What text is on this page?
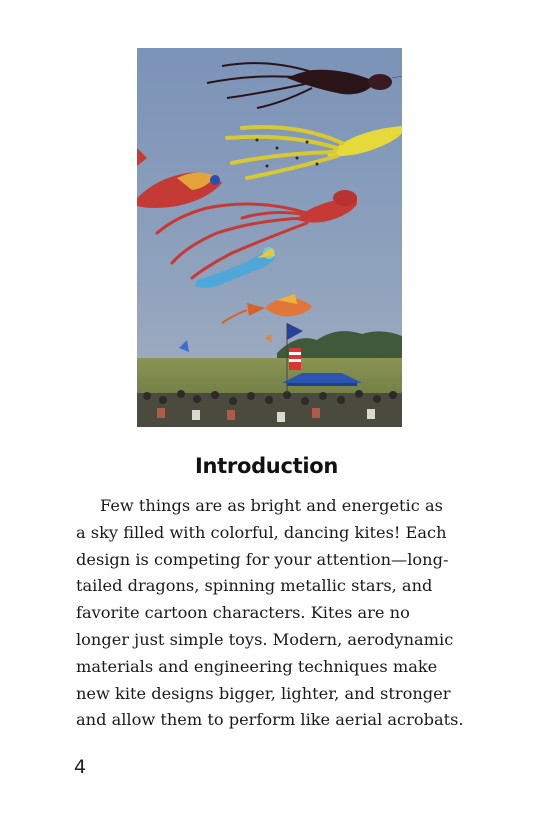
Introduction

Few things are as bright and energetic as
a sky filled with colorful, dancing kites! Each
design is competing for your attention—long-
tailed dragons, spinning metallic stars, and
favorite cartoon characters. Kites are no
longer just simple toys. Modern, aerodynamic
materials and engineering techniques make
new kite designs bigger, lighter, and stronger
and allow them to perform like aerial acrobats.

4
